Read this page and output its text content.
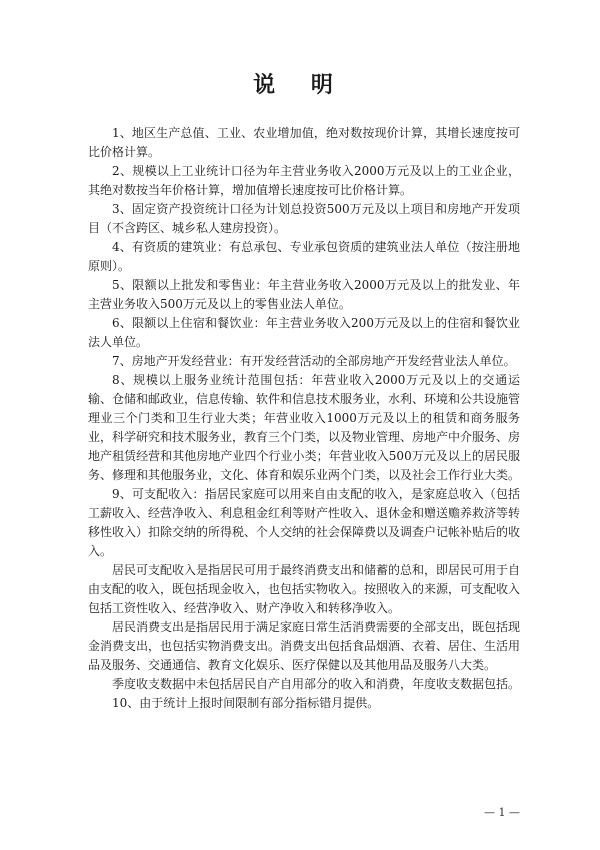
说 明

1、地区生产总值、工业、农业增加值，绝对数按现价计算，其增长速度按可比价格计算。

2、规模以上工业统计口径为年主营业务收入2000万元及以上的工业企业，其绝对数按当年价格计算，增加值增长速度按可比价格计算。

3、固定资产投资统计口径为计划总投资500万元及以上项目和房地产开发项目（不含跨区、城乡私人建房投资）。

4、有资质的建筑业：有总承包、专业承包资质的建筑业法人单位（按注册地原则）。

5、限额以上批发和零售业：年主营业务收入2000万元及以上的批发业、年主营业务收入500万元及以上的零售业法人单位。

6、限额以上住宿和餐饮业：年主营业务收入200万元及以上的住宿和餐饮业法人单位。

7、房地产开发经营业：有开发经营活动的全部房地产开发经营业法人单位。

8、规模以上服务业统计范围包括：年营业收入2000万元及以上的交通运输、仓储和邮政业，信息传输、软件和信息技术服务业，水利、环境和公共设施管理业三个门类和卫生行业大类；年营业收入1000万元及以上的租赁和商务服务业，科学研究和技术服务业，教育三个门类，以及物业管理、房地产中介服务、房地产租赁经营和其他房地产业四个行业小类；年营业收入500万元及以上的居民服务、修理和其他服务业，文化、体育和娱乐业两个门类，以及社会工作行业大类。

9、可支配收入：指居民家庭可以用来自由支配的收入，是家庭总收入（包括工薪收入、经营净收入、利息租金红利等财产性收入、退休金和赠送赡养救济等转移性收入）扣除交纳的所得税、个人交纳的社会保障费以及调查户记帐补贴后的收入。

居民可支配收入是指居民可用于最终消费支出和储蓄的总和，即居民可用于自由支配的收入，既包括现金收入，也包括实物收入。按照收入的来源，可支配收入包括工资性收入、经营净收入、财产净收入和转移净收入。

居民消费支出是指居民用于满足家庭日常生活消费需要的全部支出，既包括现金消费支出，也包括实物消费支出。消费支出包括食品烟酒、衣着、居住、生活用品及服务、交通通信、教育文化娱乐、医疗保健以及其他用品及服务八大类。

季度收支数据中未包括居民自产自用部分的收入和消费，年度收支数据包括。

10、由于统计上报时间限制有部分指标错月提供。

— 1 —
